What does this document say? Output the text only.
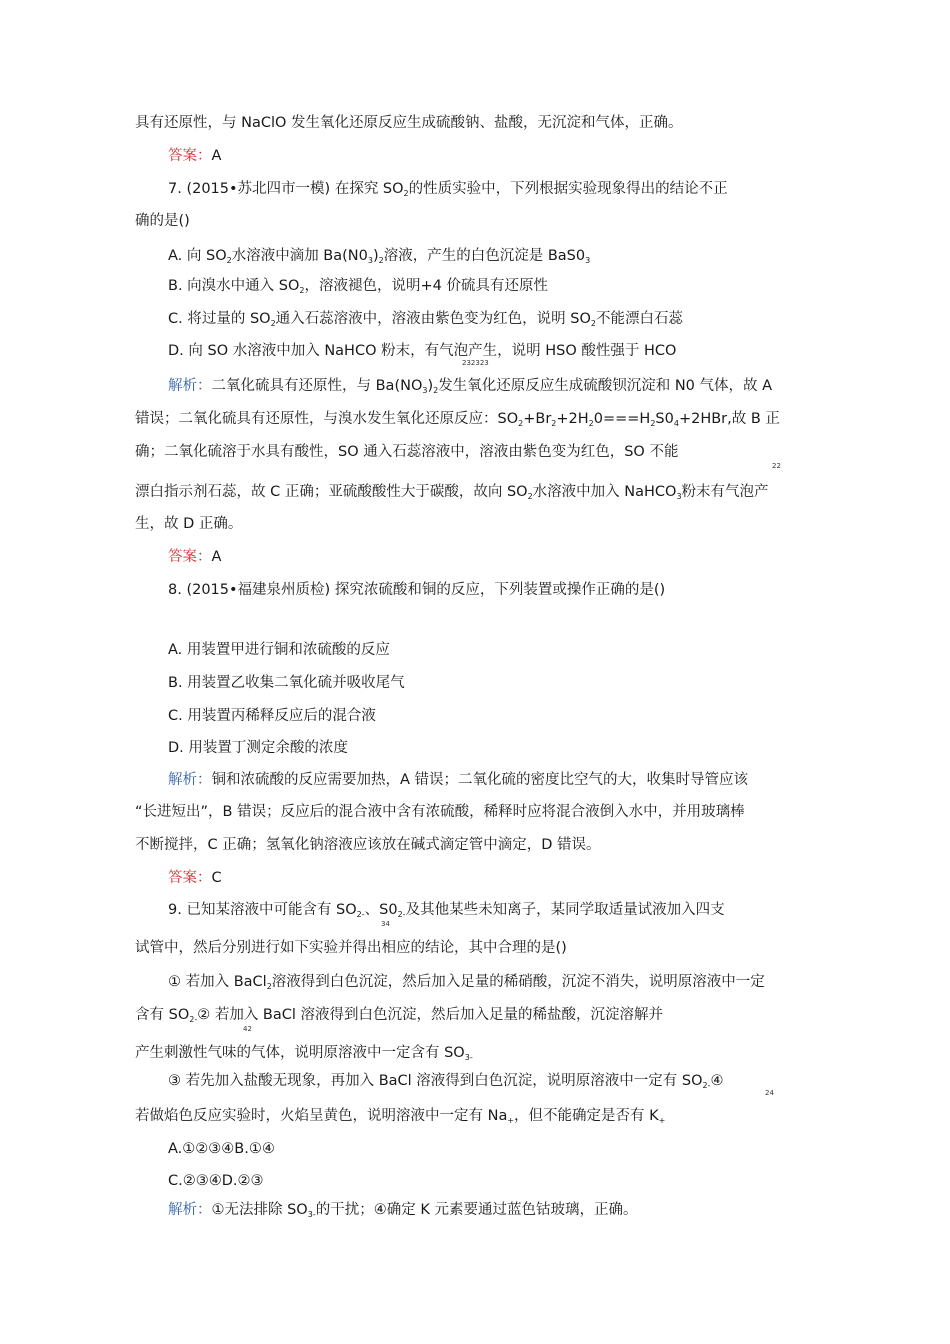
具有还原性，与 NaClO 发生氧化还原反应生成硫酸钠、盐酸，无沉淀和气体，正确。
答案：A
7. (2015•苏北四市一模) 在探究 $SO_2$的性质实验中，下列根据实验现象得出的结论不正
确的是()
A. 向 $SO_2$水溶液中滴加 $Ba(N0_3)_2$溶液，产生的白色沉淀是 $BaS0_3$
B. 向溴水中通入 $SO_2$，溶液褪色，说明+4 价硫具有还原性
C. 将过量的 $SO_2$通入石蕊溶液中，溶液由紫色变为红色，说明 $SO_2$不能漂白石蕊
D. 向 SO 水溶液中加入 NaHCO 粉末，有气泡产生，说明 HSO 酸性强于 HCO
232323
解析：二氧化硫具有还原性，与 $Ba(NO_3)_2$发生氧化还原反应生成硫酸钡沉淀和 N0 气体，故 A
错误；二氧化硫具有还原性，与溴水发生氧化还原反应：$SO_2+Br_2+2H_20===H_2S0_4+2HBr$,故 B 正
确；二氧化硫溶于水具有酸性，SO 通入石蕊溶液中，溶液由紫色变为红色，SO 不能
22
漂白指示剂石蕊，故 C 正确；亚硫酸酸性大于碳酸，故向 $SO_2$水溶液中加入 NaHCO$_3$粉末有气泡产
生，故 D 正确。
答案：A
8. (2015•福建泉州质检) 探究浓硫酸和铜的反应，下列装置或操作正确的是()
A. 用装置甲进行铜和浓硫酸的反应
B. 用装置乙收集二氧化硫并吸收尾气
C. 用装置丙稀释反应后的混合液
D. 用装置丁测定余酸的浓度
解析：铜和浓硫酸的反应需要加热，A 错误；二氧化硫的密度比空气的大，收集时导管应该
“长进短出”，B 错误；反应后的混合液中含有浓硫酸，稀释时应将混合液倒入水中，并用玻璃棒
不断搅拌，C 正确；氢氧化钠溶液应该放在碱式滴定管中滴定，D 错误。
答案：C
9. 已知某溶液中可能含有 $SO_{2-}$、$S0_{2-}$及其他某些未知离子，某同学取适量试液加入四支
34
试管中，然后分别进行如下实验并得出相应的结论，其中合理的是()
① 若加入 BaCl$_2$溶液得到白色沉淀，然后加入足量的稀硝酸，沉淀不消失，说明原溶液中一定
含有 $SO_{2-}②$ 若加入 BaCl 溶液得到白色沉淀，然后加入足量的稀盐酸，沉淀溶解并
42
产生刺激性气味的气体，说明原溶液中一定含有 $SO_{3-}$
③ 若先加入盐酸无现象，再加入 BaCl 溶液得到白色沉淀，说明原溶液中一定有 $SO_{2-}④$
24
若做焰色反应实验时，火焰呈黄色，说明溶液中一定有 $Na_+$，但不能确定是否有 $K_+$
A.①②③④B.①④
C.②③④D.②③
解析：①无法排除 $SO_{3-}$的干扰；④确定 K 元素要通过蓝色钴玻璃，正确。
